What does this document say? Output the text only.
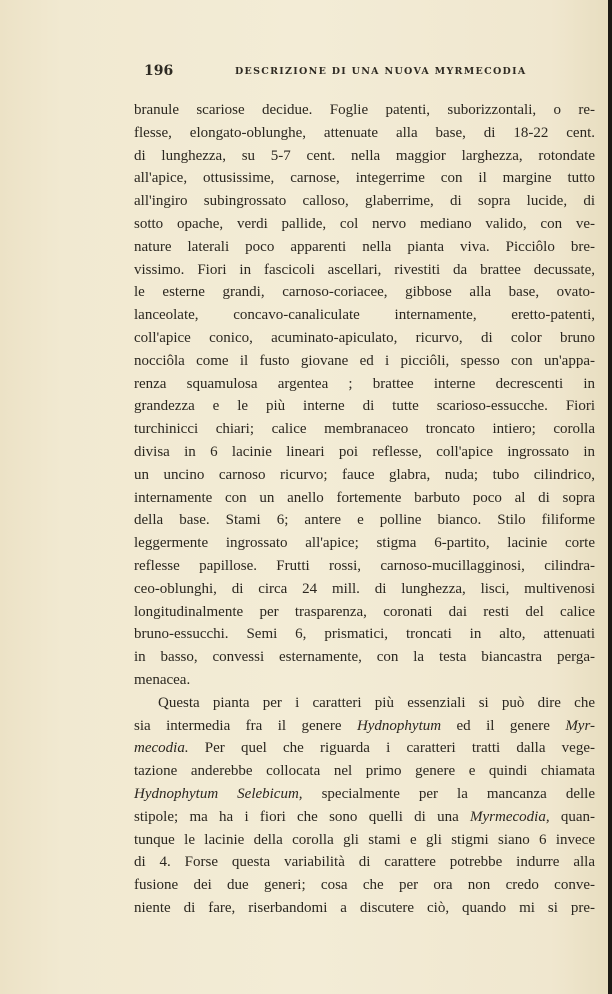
196	DESCRIZIONE DI UNA NUOVA MYRMECODIA
branule scariose decidue. Foglie patenti, suborizzontali, o re-
flesse, elongato-oblunghe, attenuate alla base, di 18-22 cent.
di lunghezza, su 5-7 cent. nella maggior larghezza, rotondate
all'apice, ottusissime, carnose, integerrime con il margine tutto
all'ingiro subingrossato calloso, glaberrime, di sopra lucide, di
sotto opache, verdi pallide, col nervo mediano valido, con ve-
nature laterali poco apparenti nella pianta viva. Picciôlo bre-
vissimo. Fiori in fascicoli ascellari, rivestiti da brattee decussate,
le esterne grandi, carnoso-coriacee, gibbose alla base, ovato-
lanceolate, concavo-canaliculate internamente, eretto-patenti,
coll'apice conico, acuminato-apiculato, ricurvo, di color bruno
nocciôla come il fusto giovane ed i picciôli, spesso con un'appa-
renza squamulosa argentea ; brattee interne decrescenti in
grandezza e le più interne di tutte scarioso-essucche. Fiori
turchinicci chiari; calice membranaceo troncato intiero; corolla
divisa in 6 lacinie lineari poi reflesse, coll'apice ingrossato in
un uncino carnoso ricurvo; fauce glabra, nuda; tubo cilindrico,
internamente con un anello fortemente barbuto poco al di sopra
della base. Stami 6; antere e polline bianco. Stilo filiforme
leggermente ingrossato all'apice; stigma 6-partito, lacinie corte
reflesse papillose. Frutti rossi, carnoso-mucillagginosi, cilindra-
ceo-oblunghi, di circa 24 mill. di lunghezza, lisci, multivenosi
longitudinalmente per trasparenza, coronati dai resti del calice
bruno-essucchi. Semi 6, prismatici, troncati in alto, attenuati
in basso, convessi esternamente, con la testa biancastra perga-
menacea.
Questa pianta per i caratteri più essenziali si può dire che
sia intermedia fra il genere Hydnophytum ed il genere Myr-
mecodia. Per quel che riguarda i caratteri tratti dalla vege-
tazione anderebbe collocata nel primo genere e quindi chiamata
Hydnophytum Selebicum, specialmente per la mancanza delle
stipole; ma ha i fiori che sono quelli di una Myrmecodia, quan-
tunque le lacinie della corolla gli stami e gli stigmi siano 6 invece
di 4. Forse questa variabilità di carattere potrebbe indurre alla
fusione dei due generi; cosa che per ora non credo conve-
niente di fare, riserbandomi a discutere ciò, quando mi si pre-
